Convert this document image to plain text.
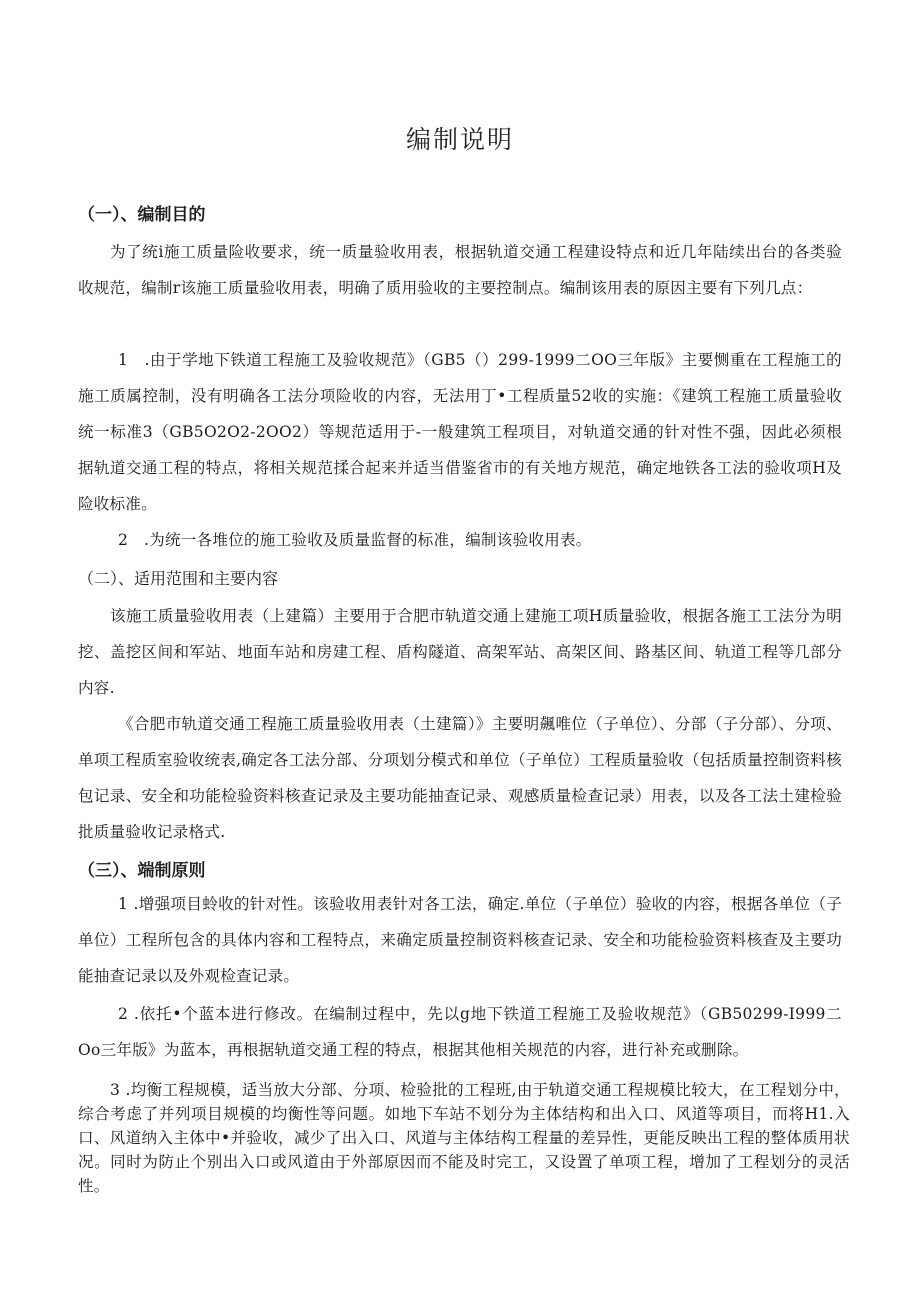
编制说明
（一）、编制目的

为了统i施工质量险收要求，统一质量验收用表，根据轨道交通工程建设特点和近几年陆续出台的各类验收规范，编制r该施工质量验收用表，明确了质用验收的主要控制点。编制该用表的原因主要有下列几点：

1　.由于学地下铁道工程施工及验收规范》（GB5（）299-1999二OO三年版》主要恻重在工程施工的施工质属控制，没有明确各工法分项险收的内容，无法用丁•工程质量52收的实施：《建筑工程施工质量验收统一标准3（GB5O2O2-2OO2）等规范适用于-一般建筑工程项目，对轨道交通的针对性不强，因此必须根据轨道交通工程的特点，将相关规范揉合起来并适当借鉴省市的有关地方规范，确定地铁各工法的验收项H及险收标准。

2　.为统一各堆位的施工验收及质量监督的标准，编制该验收用表。

（二）、适用范围和主要内容

该施工质量验收用表（上建篇）主要用于合肥市轨道交通上建施工项H质量验收，根据各施工工法分为明挖、盖挖区间和军站、地面车站和房建工程、盾构隧道、高架军站、高架区间、路基区间、轨道工程等几部分内容.

《合肥市轨道交通工程施工质量验收用表（土建篇）》主要明飆唯位（子单位）、分部（子分部）、分项、单项工程质室验收统表,确定各工法分部、分项划分模式和单位（子单位）工程质量验收（包括质量控制资料核包记录、安全和功能检验资料核查记录及主要功能抽查记录、观感质量检查记录）用表，以及各工法土建检验批质量验收记录格式.

（三）、端制原则

1 .增强项目蛉收的针对性。该验收用表针对各工法，确定.单位（子单位）验收的内容，根据各单位（子单位）工程所包含的具体内容和工程特点，来确定质量控制资料核查记录、安全和功能检验资料核查及主要功能抽查记录以及外观检查记录。

2 .依托•个蓝本进行修改。在编制过程中，先以g地下铁道工程施工及验收规范》（GB50299-I999二Oo三年版》为蓝本，再根据轨道交通工程的特点，根据其他相关规范的内容，进行补充或删除。

3 .均衡工程规模，适当放大分部、分项、检验批的工程班,由于轨道交通工程规模比较大，在工程划分中，综合考虑了并列项目规模的均衡性等问题。如地下车站不划分为主体结构和出入口、风道等项目，而将H1.入口、风道纳入主体中•并验收，减少了出入口、风道与主体结构工程量的差异性，更能反映出工程的整体质用状况。同时为防止个别出入口或风道由于外部原因而不能及时完工，又设置了单项工程，增加了工程划分的灵活性。
